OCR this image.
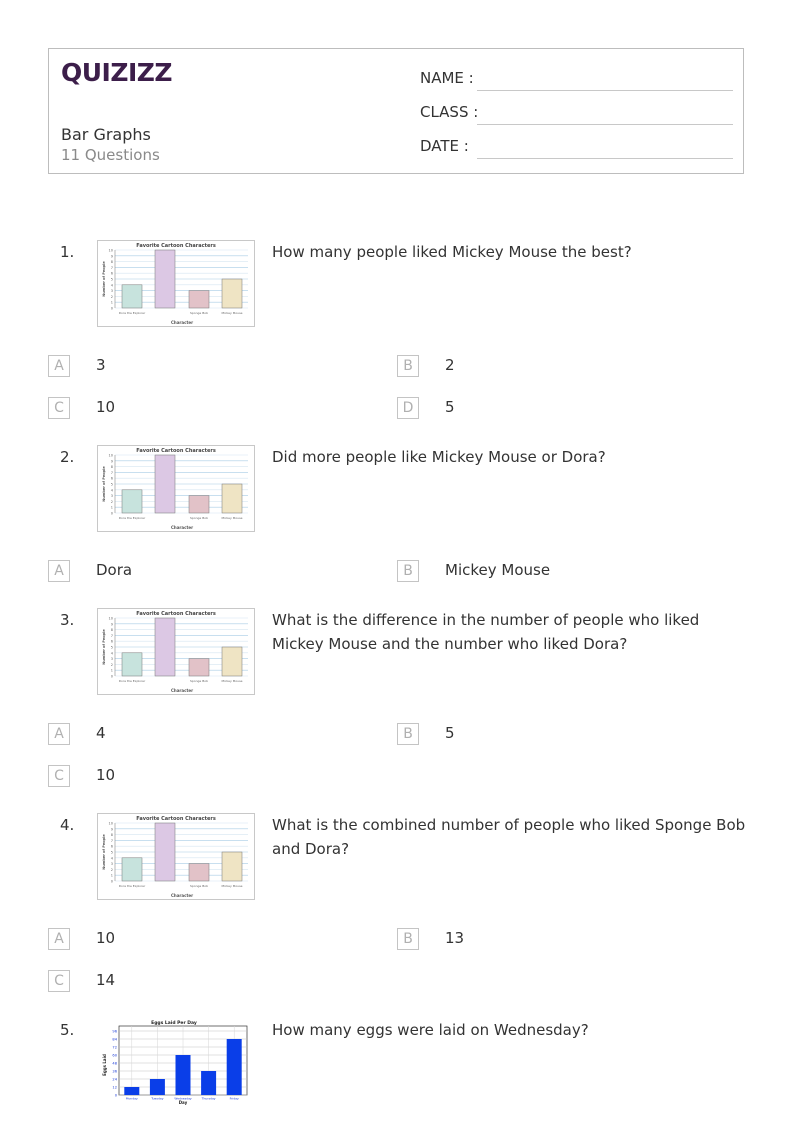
QUIZIZZ
Bar Graphs
11 Questions
NAME :
CLASS :
DATE :
1.	Favorite Cartoon Characters
10
9
8
7
6
5
4
3
2
1
0
Dora the Explorer	Sponge Bob	Mickey Mouse
Character
Number of People
How many people liked Mickey Mouse the best?
A	3	B	2
C	10	D	5
2.	Favorite Cartoon Characters
10
9
8
7
6
5
4
3
2
1
0
Dora the Explorer	Sponge Bob	Mickey Mouse
Character
Number of People
Did more people like Mickey Mouse or Dora?
A	Dora	B	Mickey Mouse
3.	Favorite Cartoon Characters
10
9
8
7
6
5
4
3
2
1
0
Dora the Explorer	Sponge Bob	Mickey Mouse
Character
Number of People
What is the difference in the number of people who liked Mickey Mouse and the number who liked Dora?
A	4	B	5
C	10
4.	Favorite Cartoon Characters
10
9
8
7
6
5
4
3
2
1
0
Dora the Explorer	Sponge Bob	Mickey Mouse
Character
Number of People
What is the combined number of people who liked Sponge Bob and Dora?
A	10	B	13
C	14
5.	Eggs Laid Per Day
96
84
72
60
48
36
24
12
0
Monday	Tuesday	Wednesday	Thursday	Friday
Day
Eggs Laid
How many eggs were laid on Wednesday?
